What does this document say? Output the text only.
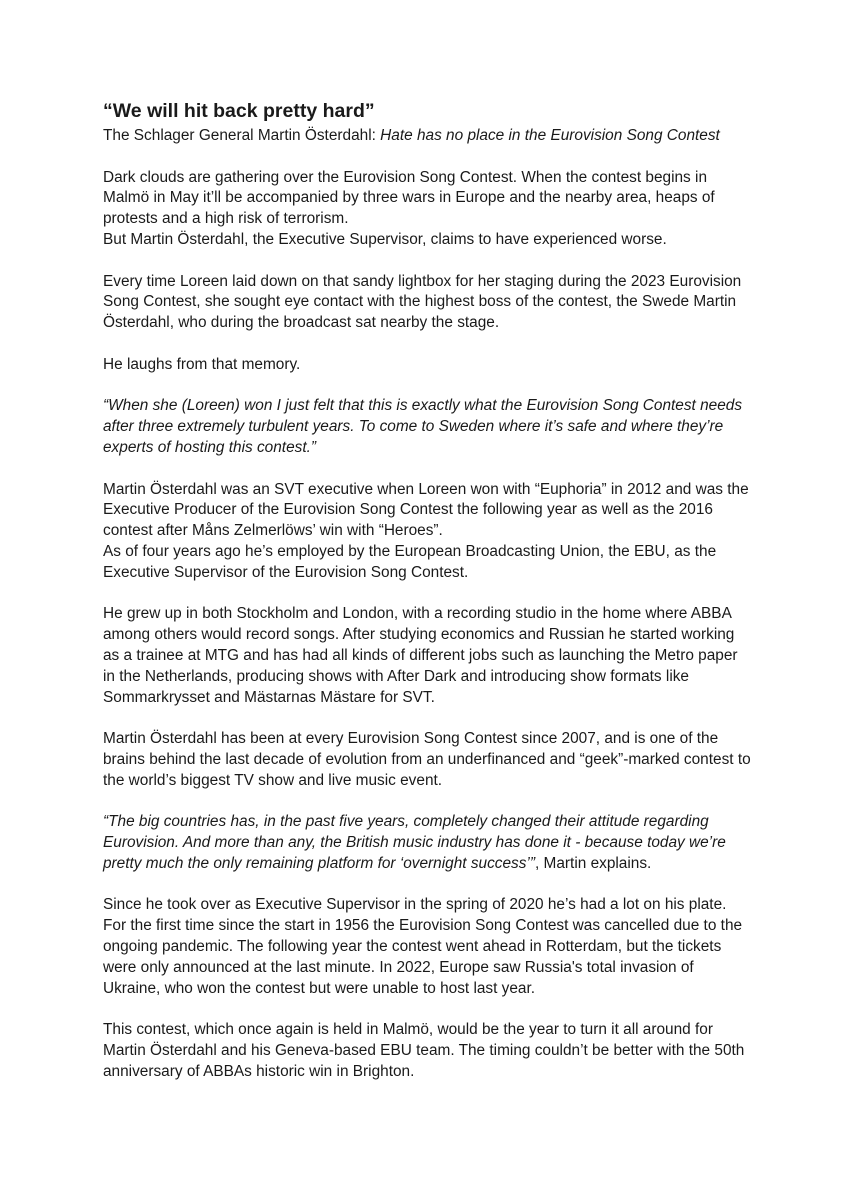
“We will hit back pretty hard”
The Schlager General Martin Österdahl: Hate has no place in the Eurovision Song Contest

Dark clouds are gathering over the Eurovision Song Contest. When the contest begins in Malmö in May it’ll be accompanied by three wars in Europe and the nearby area, heaps of protests and a high risk of terrorism.
But Martin Österdahl, the Executive Supervisor, claims to have experienced worse.

Every time Loreen laid down on that sandy lightbox for her staging during the 2023 Eurovision Song Contest, she sought eye contact with the highest boss of the contest, the Swede Martin Österdahl, who during the broadcast sat nearby the stage.

He laughs from that memory.

“When she (Loreen) won I just felt that this is exactly what the Eurovision Song Contest needs after three extremely turbulent years. To come to Sweden where it’s safe and where they’re experts of hosting this contest.”

Martin Österdahl was an SVT executive when Loreen won with “Euphoria” in 2012 and was the Executive Producer of the Eurovision Song Contest the following year as well as the 2016 contest after Måns Zelmerlöws’ win with “Heroes”.
As of four years ago he’s employed by the European Broadcasting Union, the EBU, as the Executive Supervisor of the Eurovision Song Contest.

He grew up in both Stockholm and London, with a recording studio in the home where ABBA among others would record songs. After studying economics and Russian he started working as a trainee at MTG and has had all kinds of different jobs such as launching the Metro paper in the Netherlands, producing shows with After Dark and introducing show formats like Sommarkrysset and Mästarnas Mästare for SVT.

Martin Österdahl has been at every Eurovision Song Contest since 2007, and is one of the brains behind the last decade of evolution from an underfinanced and “geek”-marked contest to the world’s biggest TV show and live music event.

“The big countries has, in the past five years, completely changed their attitude regarding Eurovision. And more than any, the British music industry has done it - because today we’re pretty much the only remaining platform for ‘overnight success’”, Martin explains.

Since he took over as Executive Supervisor in the spring of 2020 he’s had a lot on his plate. For the first time since the start in 1956 the Eurovision Song Contest was cancelled due to the ongoing pandemic. The following year the contest went ahead in Rotterdam, but the tickets were only announced at the last minute. In 2022, Europe saw Russia's total invasion of Ukraine, who won the contest but were unable to host last year.

This contest, which once again is held in Malmö, would be the year to turn it all around for Martin Österdahl and his Geneva-based EBU team. The timing couldn’t be better with the 50th anniversary of ABBAs historic win in Brighton.
